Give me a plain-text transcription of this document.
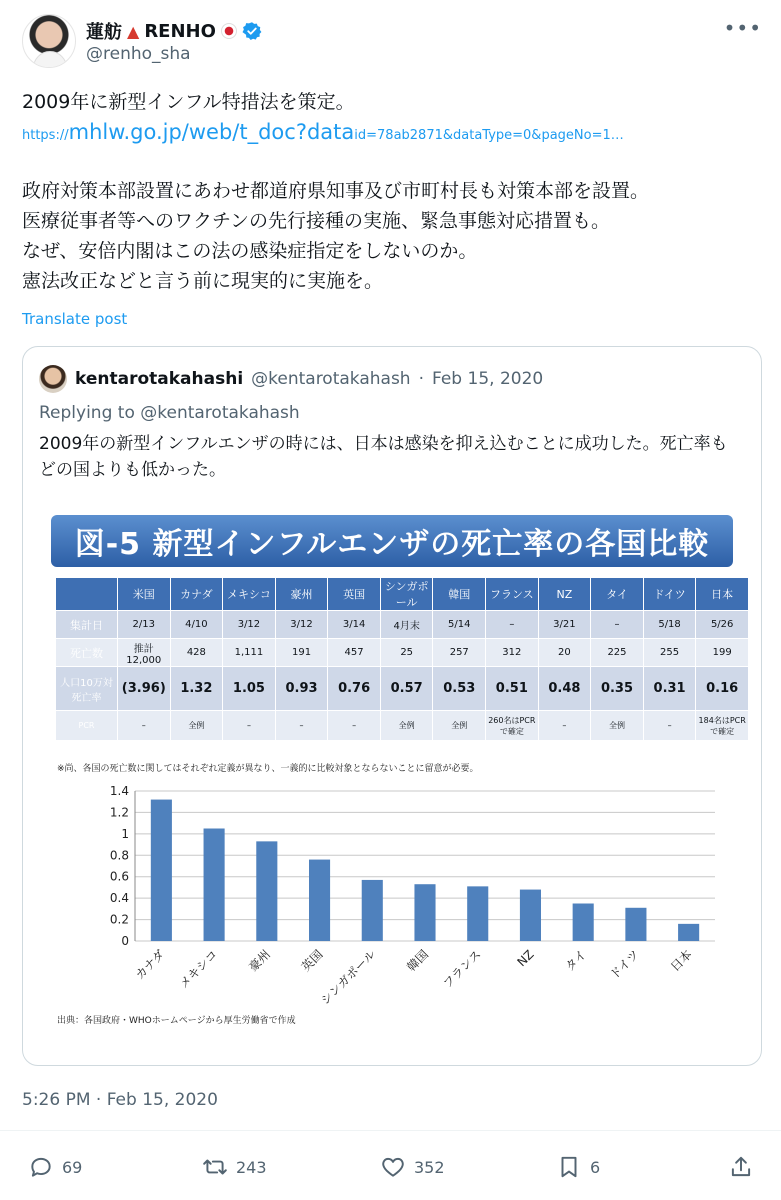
蓮舫 ▲ RENHO
@renho_sha
•••
2009年に新型インフル特措法を策定。
https://mhlw.go.jp/web/t_doc?dataid=78ab2871&dataType=0&pageNo=1…
政府対策本部設置にあわせ都道府県知事及び市町村長も対策本部を設置。
医療従事者等へのワクチンの先行接種の実施、緊急事態対応措置も。
なぜ、安倍内閣はこの法の感染症指定をしないのか。
憲法改正などと言う前に現実的に実施を。
Translate post
kentarotakahashi @kentarotakahash · Feb 15, 2020
Replying to @kentarotakahash
2009年の新型インフルエンザの時には、日本は感染を抑え込むことに成功した。死亡率もどの国よりも低かった。
図-5 新型インフルエンザの死亡率の各国比較
	米国	カナダ	メキシコ	豪州	英国	シンガポール	韓国	フランス	NZ	タイ	ドイツ	日本
集計日	2/13	4/10	3/12	3/12	3/14	4月末	5/14	–	3/21	–	5/18	5/26
死亡数	推計12,000	428	1,111	191	457	25	257	312	20	225	255	199
人口10万対死亡率	(3.96)	1.32	1.05	0.93	0.76	0.57	0.53	0.51	0.48	0.35	0.31	0.16
PCR	–	全例	–	–	–	全例	全例	260名はPCRで確定	–	全例	–	184名はPCRで確定
※尚、各国の死亡数に関してはそれぞれ定義が異なり、一義的に比較対象とならないことに留意が必要。
0
0.2
0.4
0.6
0.8
1
1.2
1.4
カナダ メキシコ 豪州 英国
シンガポール 韓国 フランス	NZ タイ ドイツ 日本
出典：各国政府・WHOホームページから厚生労働省で作成
5:26 PM · Feb 15, 2020
69	243	352	6
